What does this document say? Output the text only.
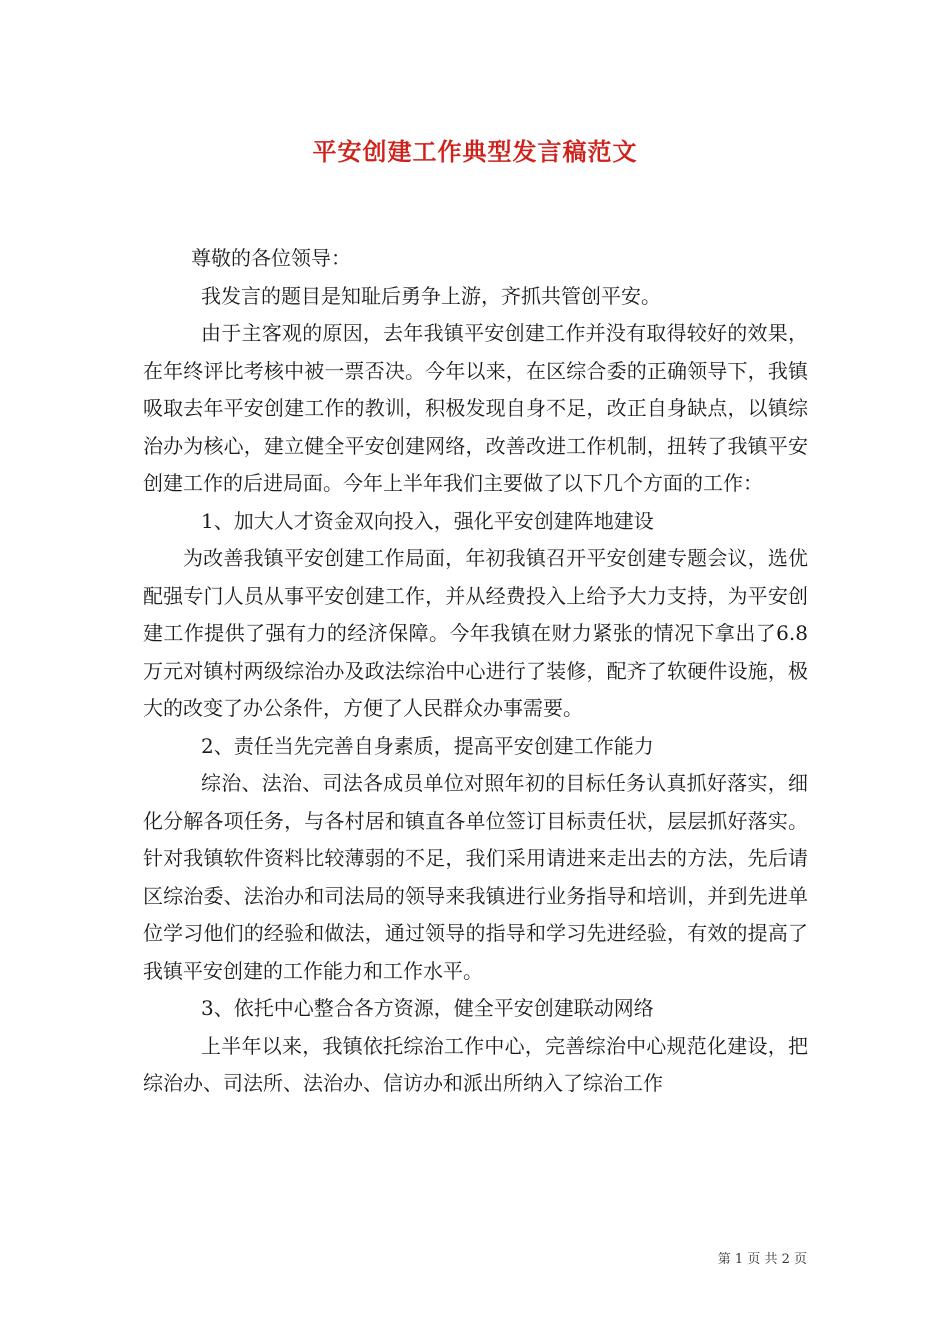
平安创建工作典型发言稿范文

尊敬的各位领导：

我发言的题目是知耻后勇争上游，齐抓共管创平安。

由于主客观的原因，去年我镇平安创建工作并没有取得较好的效果，在年终评比考核中被一票否决。今年以来，在区综合委的正确领导下，我镇吸取去年平安创建工作的教训，积极发现自身不足，改正自身缺点，以镇综治办为核心，建立健全平安创建网络，改善改进工作机制，扭转了我镇平安创建工作的后进局面。今年上半年我们主要做了以下几个方面的工作：

1、加大人才资金双向投入，强化平安创建阵地建设

为改善我镇平安创建工作局面，年初我镇召开平安创建专题会议，选优配强专门人员从事平安创建工作，并从经费投入上给予大力支持，为平安创建工作提供了强有力的经济保障。今年我镇在财力紧张的情况下拿出了6.8万元对镇村两级综治办及政法综治中心进行了装修，配齐了软硬件设施，极大的改变了办公条件，方便了人民群众办事需要。

2、责任当先完善自身素质，提高平安创建工作能力

综治、法治、司法各成员单位对照年初的目标任务认真抓好落实，细化分解各项任务，与各村居和镇直各单位签订目标责任状，层层抓好落实。针对我镇软件资料比较薄弱的不足，我们采用请进来走出去的方法，先后请区综治委、法治办和司法局的领导来我镇进行业务指导和培训，并到先进单位学习他们的经验和做法，通过领导的指导和学习先进经验，有效的提高了我镇平安创建的工作能力和工作水平。

3、依托中心整合各方资源，健全平安创建联动网络

上半年以来，我镇依托综治工作中心，完善综治中心规范化建设，把综治办、司法所、法治办、信访办和派出所纳入了综治工作

第 1 页 共 2 页
